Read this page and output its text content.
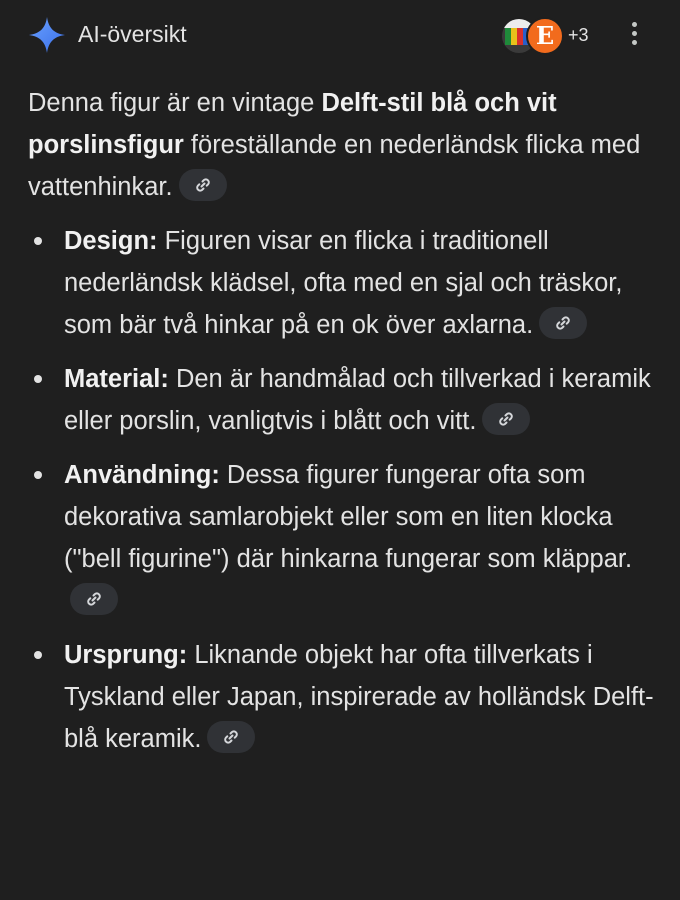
AI-översikt	E +3

Denna figur är en vintage Delft-stil blå och vit porslinsfigur föreställande en nederländsk flicka med vattenhinkar.

Design: Figuren visar en flicka i traditionell nederländsk klädsel, ofta med en sjal och träskor, som bär två hinkar på en ok över axlarna.
Material: Den är handmålad och tillverkad i keramik eller porslin, vanligtvis i blått och vitt.
Användning: Dessa figurer fungerar ofta som dekorativa samlarobjekt eller som en liten klocka ("bell figurine") där hinkarna fungerar som kläppar.
Ursprung: Liknande objekt har ofta tillverkats i Tyskland eller Japan, inspirerade av holländsk Delft-blå keramik.
